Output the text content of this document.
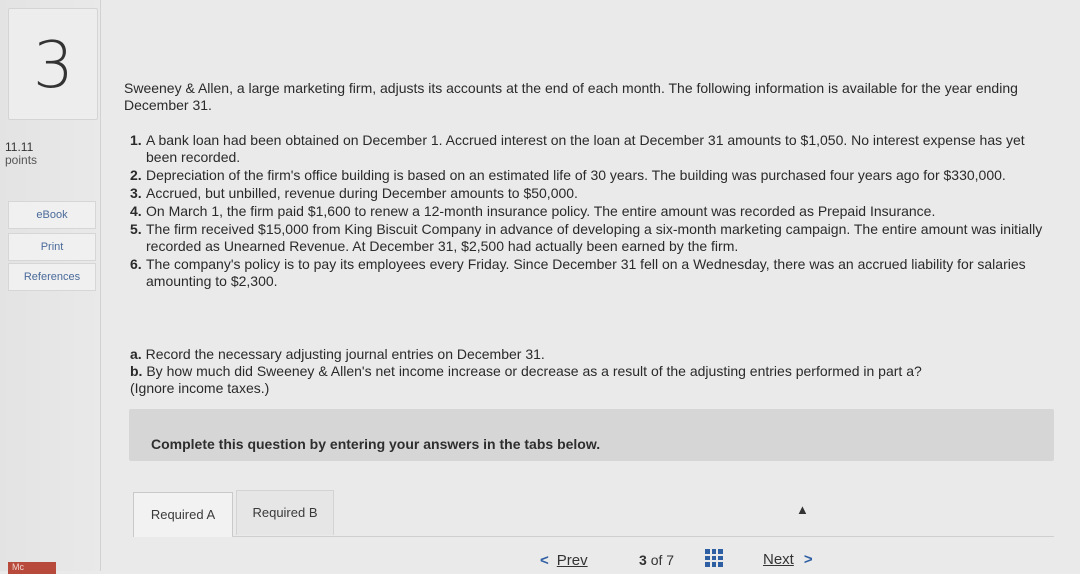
3
11.11
points
eBook
Print
References
Mc

Sweeney & Allen, a large marketing firm, adjusts its accounts at the end of each month. The following information is available for the year ending December 31.

1. A bank loan had been obtained on December 1. Accrued interest on the loan at December 31 amounts to $1,050. No interest expense has yet been recorded.
2. Depreciation of the firm's office building is based on an estimated life of 30 years. The building was purchased four years ago for $330,000.
3. Accrued, but unbilled, revenue during December amounts to $50,000.
4. On March 1, the firm paid $1,600 to renew a 12-month insurance policy. The entire amount was recorded as Prepaid Insurance.
5. The firm received $15,000 from King Biscuit Company in advance of developing a six-month marketing campaign. The entire amount was initially recorded as Unearned Revenue. At December 31, $2,500 had actually been earned by the firm.
6. The company's policy is to pay its employees every Friday. Since December 31 fell on a Wednesday, there was an accrued liability for salaries amounting to $2,300.
a. Record the necessary adjusting journal entries on December 31.
b. By how much did Sweeney & Allen's net income increase or decrease as a result of the adjusting entries performed in part a?
(Ignore income taxes.)
Complete this question by entering your answers in the tabs below.
Required A	Required B	▲
< Prev	3 of 7	Next >
